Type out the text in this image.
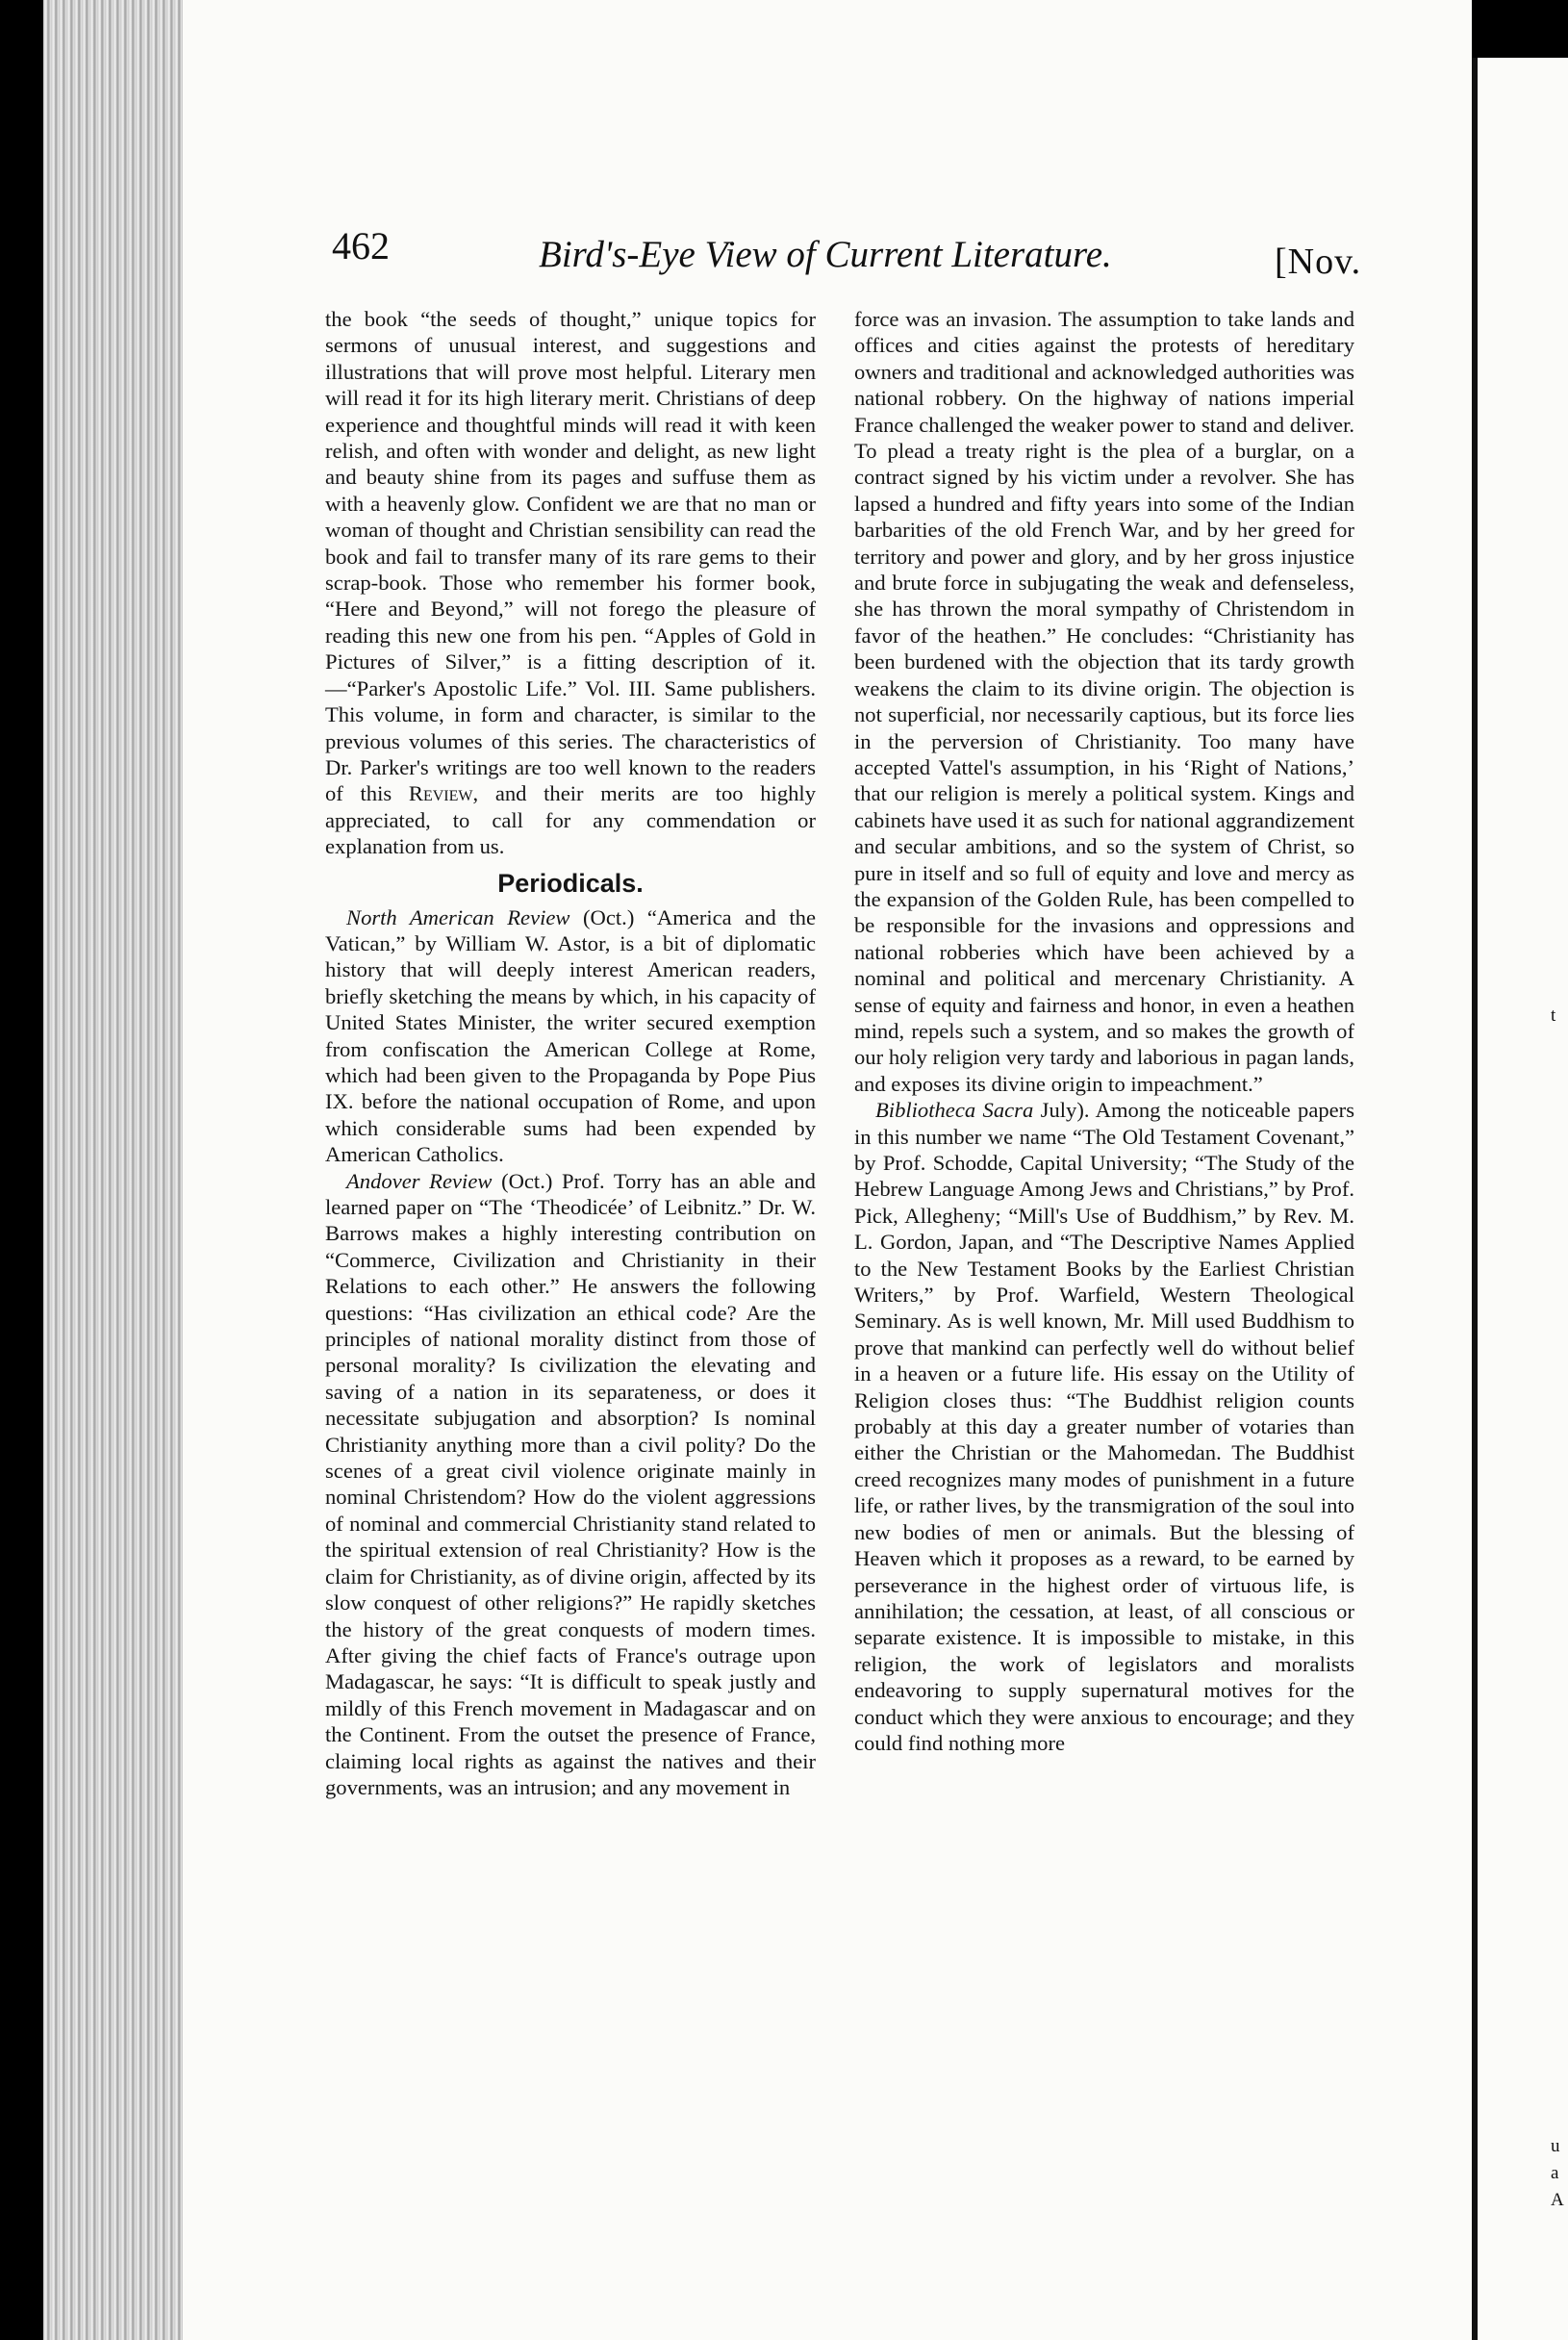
t
u
a
A
462	Bird's-Eye View of Current Literature.	[Nov.

the book “the seeds of thought,” unique topics for sermons of unusual interest, and suggestions and illustrations that will prove most helpful. Literary men will read it for its high literary merit. Christians of deep experience and thoughtful minds will read it with keen relish, and often with wonder and delight, as new light and beauty shine from its pages and suffuse them as with a heavenly glow. Confident we are that no man or woman of thought and Christian sensibility can read the book and fail to transfer many of its rare gems to their scrap-book. Those who remember his former book, “Here and Beyond,” will not forego the pleasure of reading this new one from his pen. “Apples of Gold in Pictures of Silver,” is a fitting description of it.—“Parker's Apostolic Life.” Vol. III. Same publishers. This volume, in form and character, is similar to the previous volumes of this series. The characteristics of Dr. Parker's writings are too well known to the readers of this Review, and their merits are too highly appreciated, to call for any commendation or explanation from us.

Periodicals.

North American Review (Oct.) “America and the Vatican,” by William W. Astor, is a bit of diplomatic history that will deeply interest American readers, briefly sketching the means by which, in his capacity of United States Minister, the writer secured exemption from confiscation the American College at Rome, which had been given to the Propaganda by Pope Pius IX. before the national occupation of Rome, and upon which considerable sums had been expended by American Catholics.

Andover Review (Oct.) Prof. Torry has an able and learned paper on “The ‘Theodicée’ of Leibnitz.” Dr. W. Barrows makes a highly interesting contribution on “Commerce, Civilization and Christianity in their Relations to each other.” He answers the following questions: “Has civilization an ethical code? Are the principles of national morality distinct from those of personal morality? Is civilization the elevating and saving of a nation in its separateness, or does it necessitate subjugation and absorption? Is nominal Christianity anything more than a civil polity? Do the scenes of a great civil violence originate mainly in nominal Christendom? How do the violent aggressions of nominal and commercial Christianity stand related to the spiritual extension of real Christianity? How is the claim for Christianity, as of divine origin, affected by its slow conquest of other religions?” He rapidly sketches the history of the great conquests of modern times. After giving the chief facts of France's outrage upon Madagascar, he says: “It is difficult to speak justly and mildly of this French movement in Madagascar and on the Continent. From the outset the presence of France, claiming local rights as against the natives and their governments, was an intrusion; and any movement in

force was an invasion. The assumption to take lands and offices and cities against the protests of hereditary owners and traditional and acknowledged authorities was national robbery. On the highway of nations imperial France challenged the weaker power to stand and deliver. To plead a treaty right is the plea of a burglar, on a contract signed by his victim under a revolver. She has lapsed a hundred and fifty years into some of the Indian barbarities of the old French War, and by her greed for territory and power and glory, and by her gross injustice and brute force in subjugating the weak and defenseless, she has thrown the moral sympathy of Christendom in favor of the heathen.” He concludes: “Christianity has been burdened with the objection that its tardy growth weakens the claim to its divine origin. The objection is not superficial, nor necessarily captious, but its force lies in the perversion of Christianity. Too many have accepted Vattel's assumption, in his ‘Right of Nations,’ that our religion is merely a political system. Kings and cabinets have used it as such for national aggrandizement and secular ambitions, and so the system of Christ, so pure in itself and so full of equity and love and mercy as the expansion of the Golden Rule, has been compelled to be responsible for the invasions and oppressions and national robberies which have been achieved by a nominal and political and mercenary Christianity. A sense of equity and fairness and honor, in even a heathen mind, repels such a system, and so makes the growth of our holy religion very tardy and laborious in pagan lands, and exposes its divine origin to impeachment.”

Bibliotheca Sacra July). Among the noticeable papers in this number we name “The Old Testament Covenant,” by Prof. Schodde, Capital University; “The Study of the Hebrew Language Among Jews and Christians,” by Prof. Pick, Allegheny; “Mill's Use of Buddhism,” by Rev. M. L. Gordon, Japan, and “The Descriptive Names Applied to the New Testament Books by the Earliest Christian Writers,” by Prof. Warfield, Western Theological Seminary. As is well known, Mr. Mill used Buddhism to prove that mankind can perfectly well do without belief in a heaven or a future life. His essay on the Utility of Religion closes thus: “The Buddhist religion counts probably at this day a greater number of votaries than either the Christian or the Mahomedan. The Buddhist creed recognizes many modes of punishment in a future life, or rather lives, by the transmigration of the soul into new bodies of men or animals. But the blessing of Heaven which it proposes as a reward, to be earned by perseverance in the highest order of virtuous life, is annihilation; the cessation, at least, of all conscious or separate existence. It is impossible to mistake, in this religion, the work of legislators and moralists endeavoring to supply supernatural motives for the conduct which they were anxious to encourage; and they could find nothing more
